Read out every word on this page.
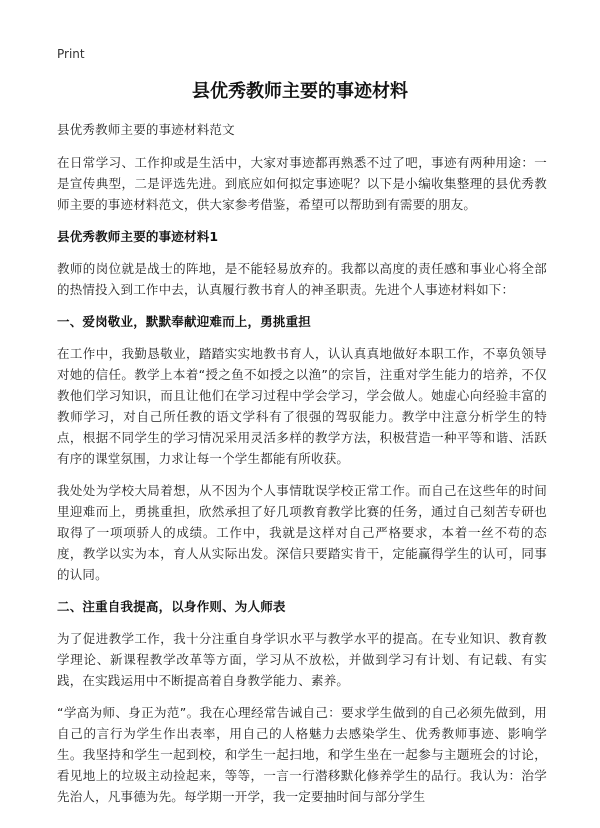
Print
县优秀教师主要的事迹材料

县优秀教师主要的事迹材料范文

在日常学习、工作抑或是生活中，大家对事迹都再熟悉不过了吧，事迹有两种用途：一是宣传典型，二是评选先进。到底应如何拟定事迹呢？以下是小编收集整理的县优秀教师主要的事迹材料范文，供大家参考借鉴，希望可以帮助到有需要的朋友。

县优秀教师主要的事迹材料1

教师的岗位就是战士的阵地，是不能轻易放弃的。我都以高度的责任感和事业心将全部的热情投入到工作中去，认真履行教书育人的神圣职责。先进个人事迹材料如下：

一、爱岗敬业，默默奉献迎难而上，勇挑重担

在工作中，我勤恳敬业，踏踏实实地教书育人，认认真真地做好本职工作，不辜负领导对她的信任。教学上本着“授之鱼不如授之以渔”的宗旨，注重对学生能力的培养，不仅教他们学习知识，而且让他们在学习过程中学会学习，学会做人。她虚心向经验丰富的教师学习，对自己所任教的语文学科有了很强的驾驭能力。教学中注意分析学生的特点，根据不同学生的学习情况采用灵活多样的教学方法，积极营造一种平等和谐、活跃有序的课堂氛围，力求让每一个学生都能有所收获。

我处处为学校大局着想，从不因为个人事情耽误学校正常工作。而自己在这些年的时间里迎难而上，勇挑重担，欣然承担了好几项教育教学比赛的任务，通过自己刻苦专研也取得了一项项骄人的成绩。工作中，我就是这样对自己严格要求，本着一丝不苟的态度，教学以实为本，育人从实际出发。深信只要踏实肯干，定能赢得学生的认可，同事的认同。

二、注重自我提高，以身作则、为人师表

为了促进教学工作，我十分注重自身学识水平与教学水平的提高。在专业知识、教育教学理论、新课程教学改革等方面，学习从不放松，并做到学习有计划、有记载、有实践，在实践运用中不断提高着自身教学能力、素养。

“学高为师、身正为范”。我在心理经常告诫自己：要求学生做到的自己必须先做到，用自己的言行为学生作出表率，用自己的人格魅力去感染学生、优秀教师事迹、影响学生。我坚持和学生一起到校，和学生一起扫地，和学生坐在一起参与主题班会的讨论，看见地上的垃圾主动捡起来，等等，一言一行潜移默化修养学生的品行。我认为：治学先治人，凡事德为先。每学期一开学，我一定要抽时间与部分学生
